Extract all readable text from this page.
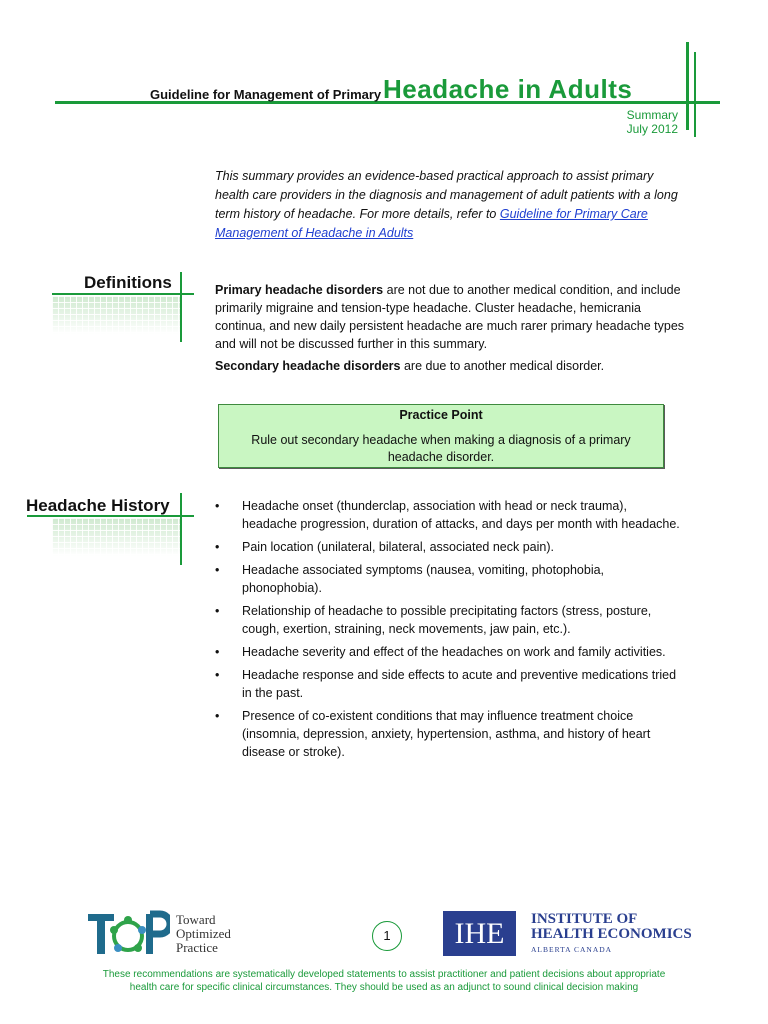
Guideline for Management of Primary Headache in Adults
Summary
July 2012
This summary provides an evidence-based practical approach to assist primary health care providers in the diagnosis and management of adult patients with a long term history of headache. For more details, refer to Guideline for Primary Care Management of Headache in Adults
Definitions	Primary headache disorders are not due to another medical condition, and include primarily migraine and tension-type headache. Cluster headache, hemicrania continua, and new daily persistent headache are much rarer primary headache types and will not be discussed further in this summary.

Secondary headache disorders are due to another medical disorder.

Practice Point
Rule out secondary headache when making a diagnosis of a primary headache disorder.
Headache History
•	Headache onset (thunderclap, association with head or neck trauma), headache progression, duration of attacks, and days per month with headache.
• Pain location (unilateral, bilateral, associated neck pain).
• Headache associated symptoms (nausea, vomiting, photophobia, phonophobia).
• Relationship of headache to possible precipitating factors (stress, posture, cough, exertion, straining, neck movements, jaw pain, etc.).
• Headache severity and effect of the headaches on work and family activities.
• Headache response and side effects to acute and preventive medications tried in the past.
• Presence of co-existent conditions that may influence treatment choice (insomnia, depression, anxiety, hypertension, asthma, and history of heart disease or stroke).
Toward
Optimized
Practice
1	IHE	INSTITUTE OF
HEALTH ECONOMICS
ALBERTA CANADA
These recommendations are systematically developed statements to assist practitioner and patient decisions about appropriate
health care for specific clinical circumstances. They should be used as an adjunct to sound clinical decision making
